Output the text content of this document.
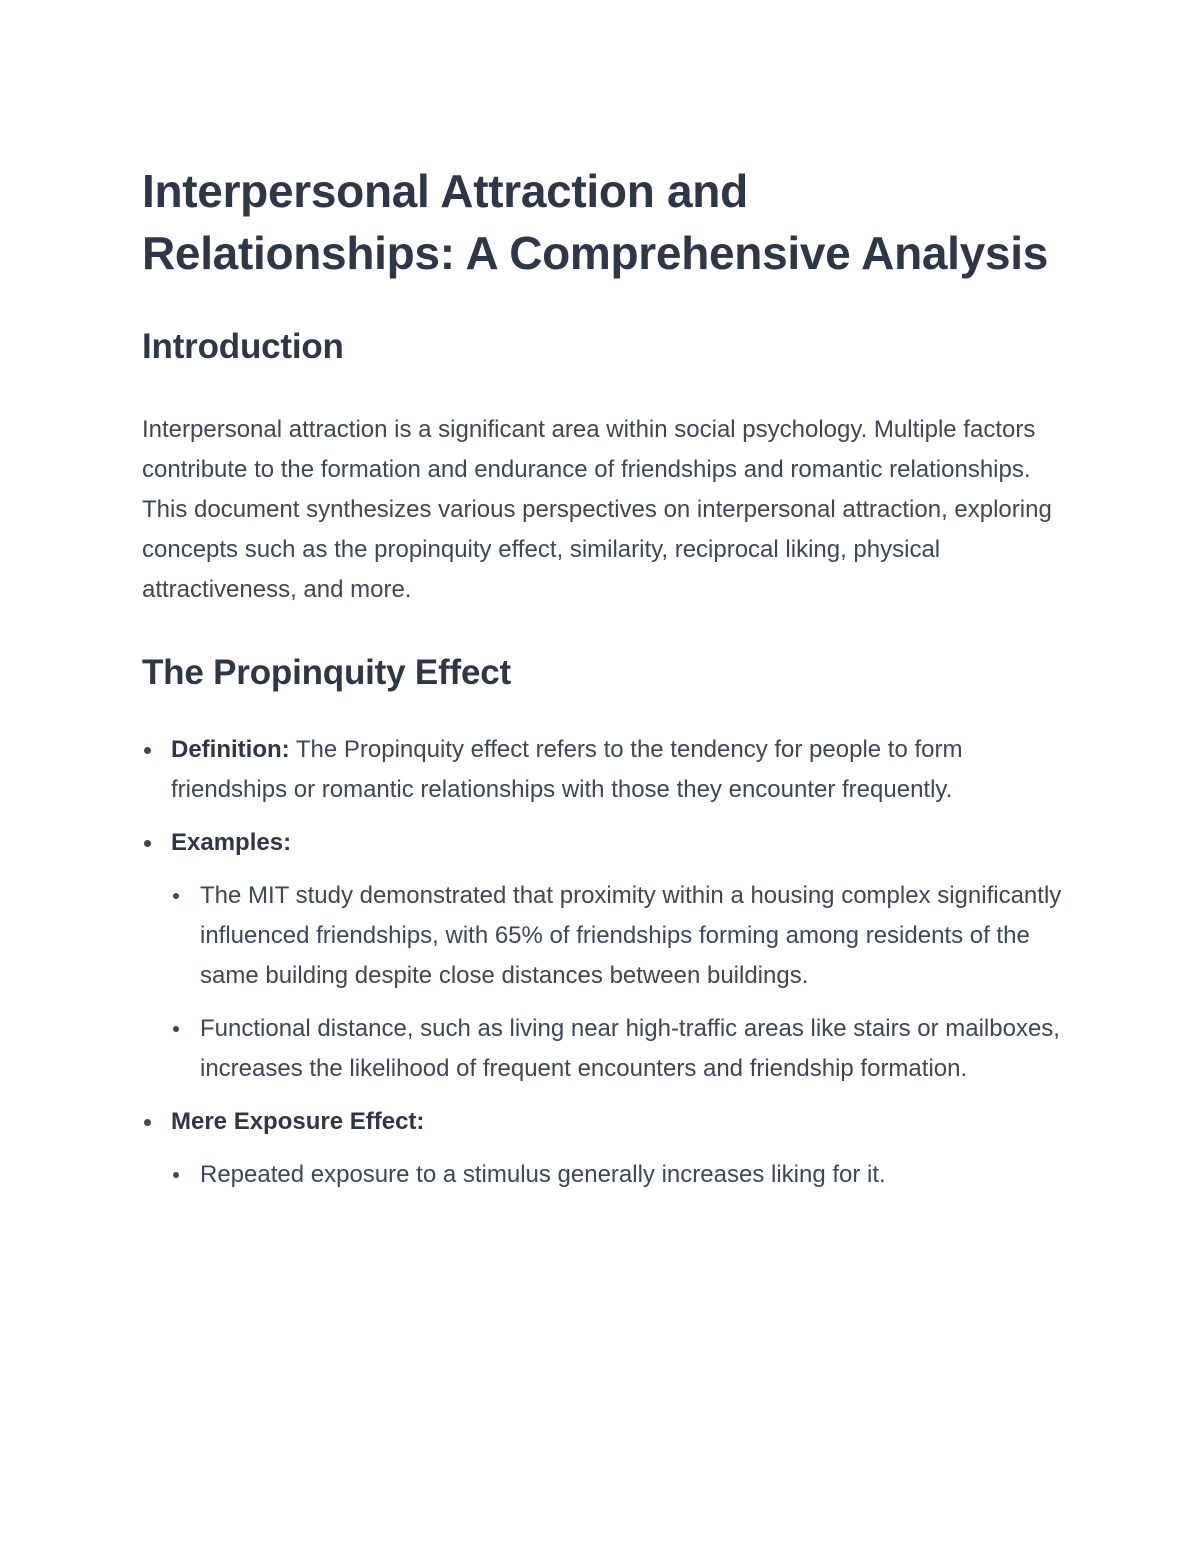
Interpersonal Attraction and Relationships: A Comprehensive Analysis
Introduction

Interpersonal attraction is a significant area within social psychology. Multiple factors contribute to the formation and endurance of friendships and romantic relationships. This document synthesizes various perspectives on interpersonal attraction, exploring concepts such as the propinquity effect, similarity, reciprocal liking, physical attractiveness, and more.

The Propinquity Effect
Definition: The Propinquity effect refers to the tendency for people to form friendships or romantic relationships with those they encounter frequently.
Examples:
The MIT study demonstrated that proximity within a housing complex significantly influenced friendships, with 65% of friendships forming among residents of the same building despite close distances between buildings.
Functional distance, such as living near high-traffic areas like stairs or mailboxes, increases the likelihood of frequent encounters and friendship formation.
Mere Exposure Effect:
Repeated exposure to a stimulus generally increases liking for it.
